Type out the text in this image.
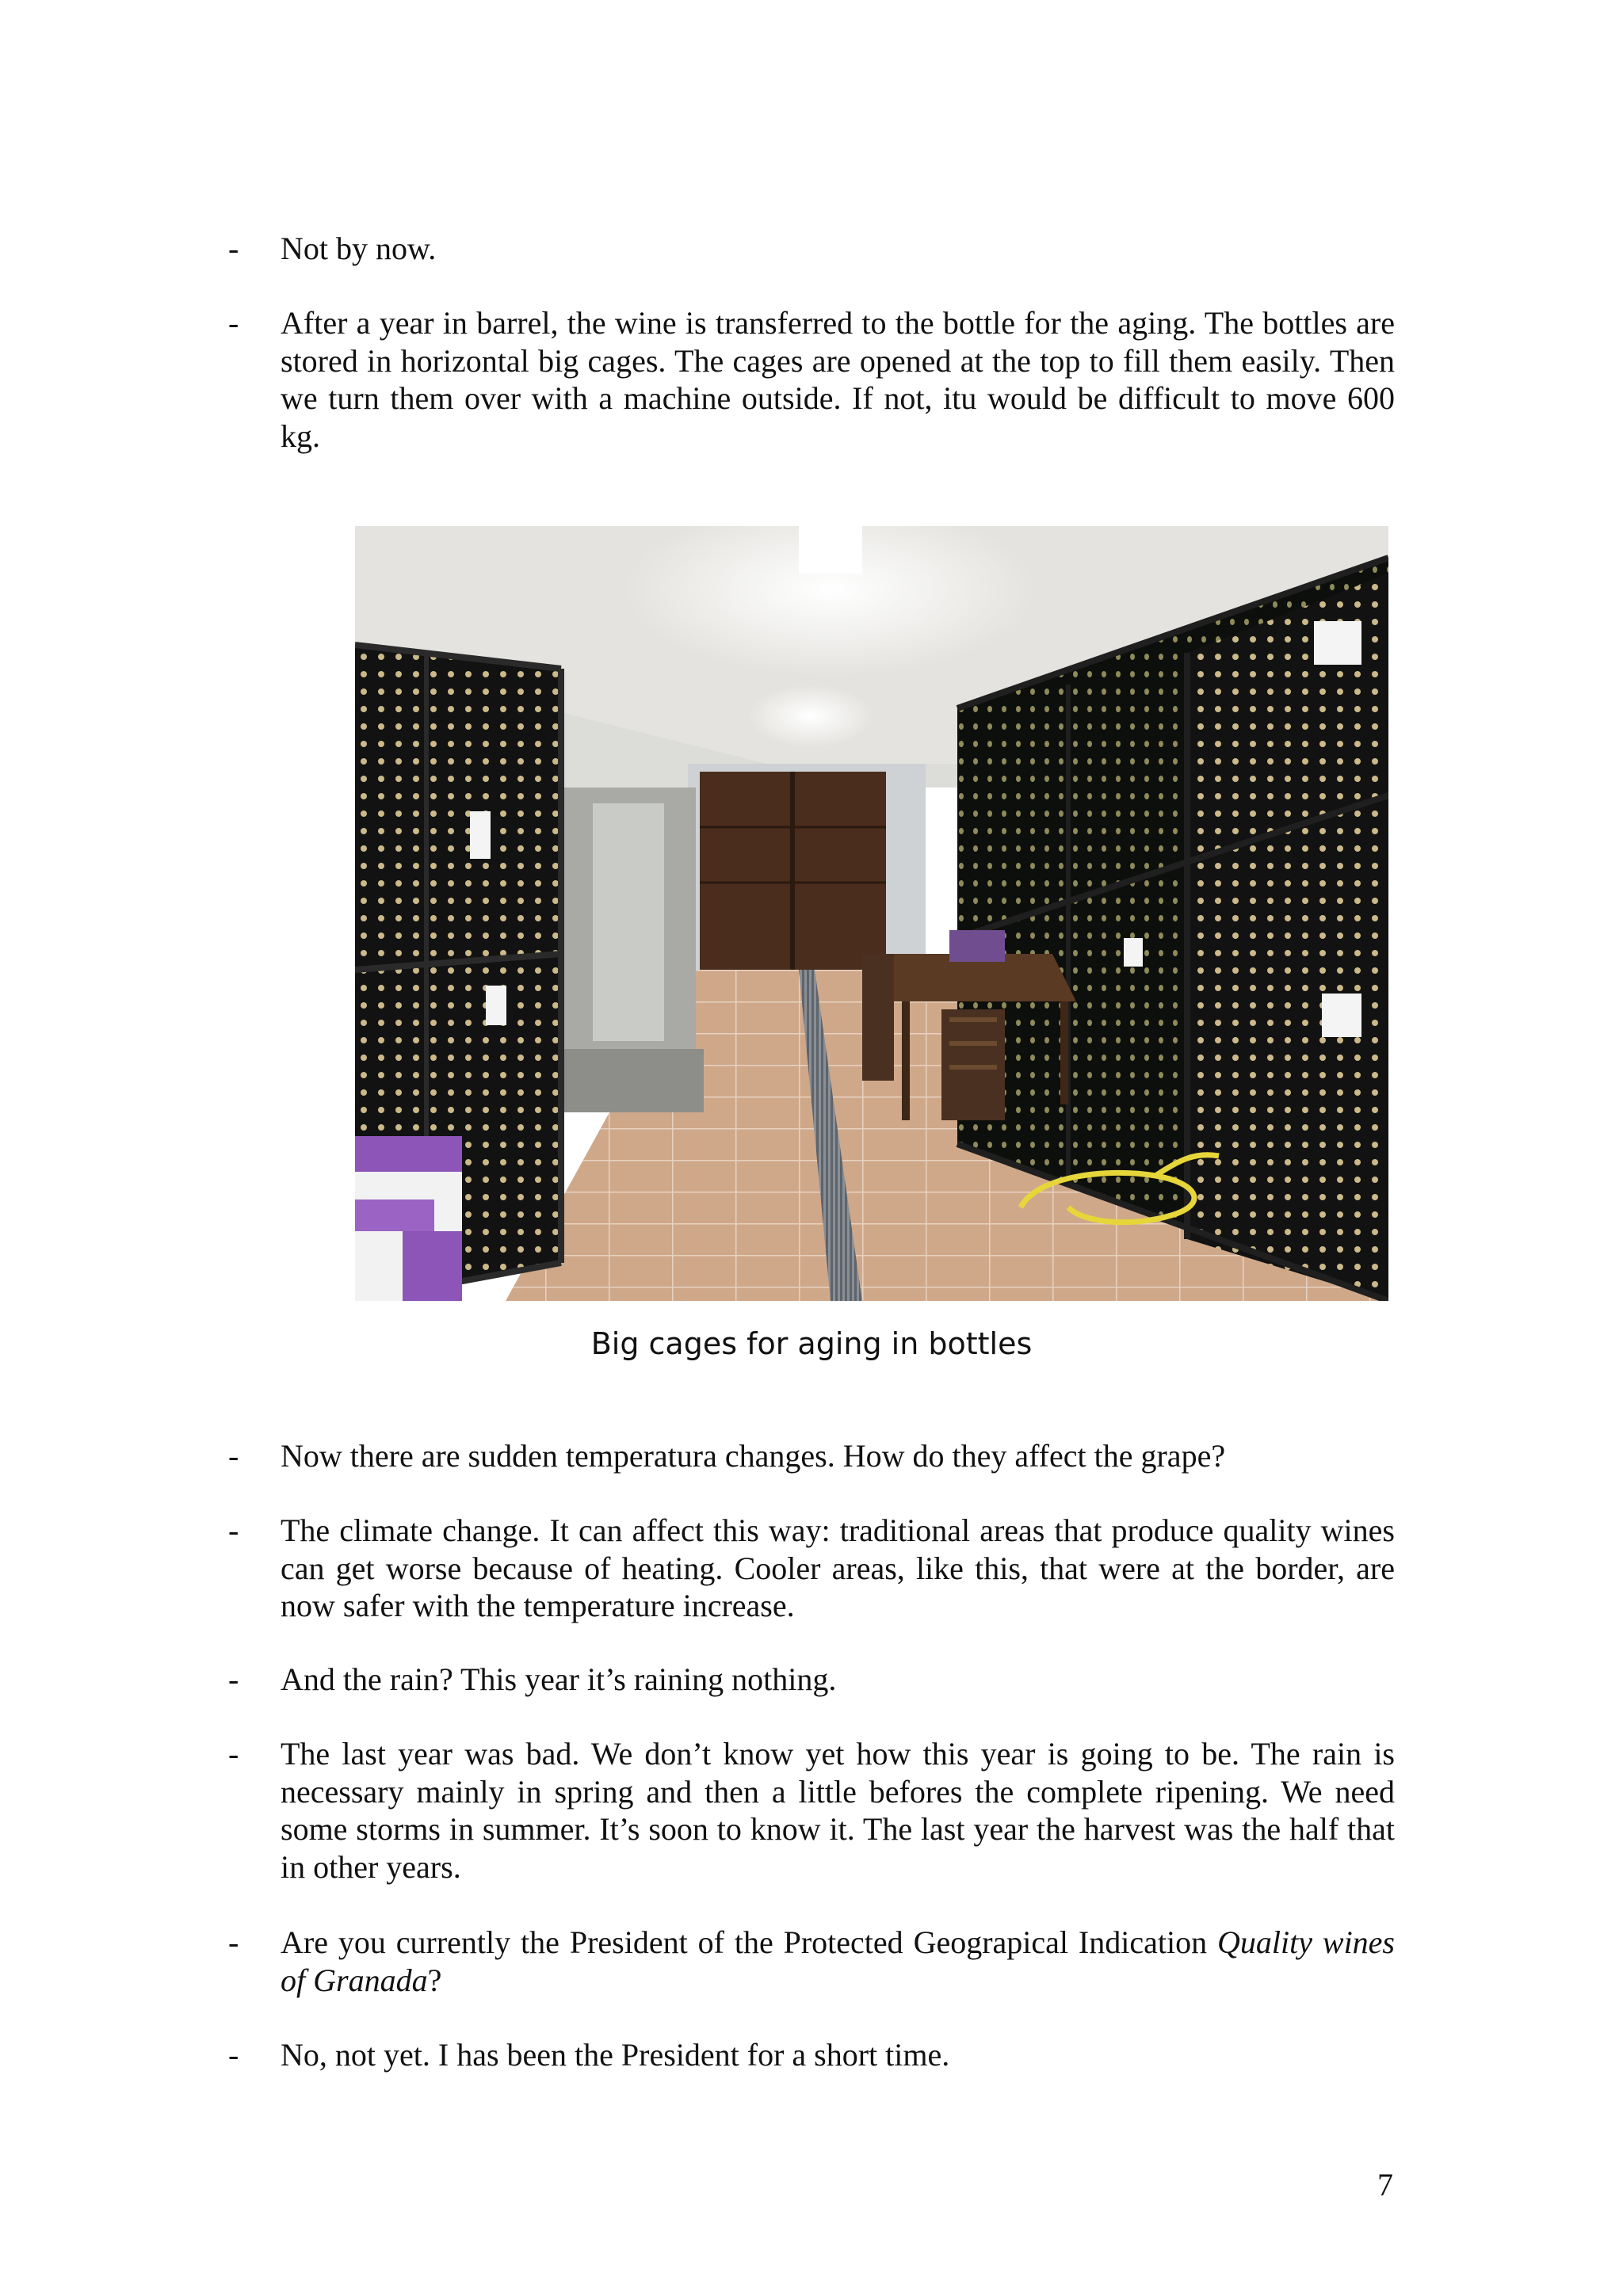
-	Not by now.
-	After a year in barrel, the wine is transferred to the bottle for the aging. The bottles are stored in horizontal big cages. The cages are opened at the top to fill them easily. Then we turn them over with a machine outside. If not, itu would be difficult to move 600 kg.
Big cages for aging in bottles
-	Now there are sudden temperatura changes. How do they affect the grape?
-	The climate change. It can affect this way: traditional areas that produce quality wines can get worse because of heating. Cooler areas, like this, that were at the border, are now safer with the temperature increase.
-	And the rain? This year it’s raining nothing.
-	The last year was bad. We don’t know yet how this year is going to be. The rain is necessary mainly in spring and then a little befores the complete ripening. We need some storms in summer. It’s soon to know it. The last year the harvest was the half that in other years.
-	Are you currently the President of the Protected Geograpical Indication Quality wines of Granada?
-	No, not yet. I has been the President for a short time.
7
